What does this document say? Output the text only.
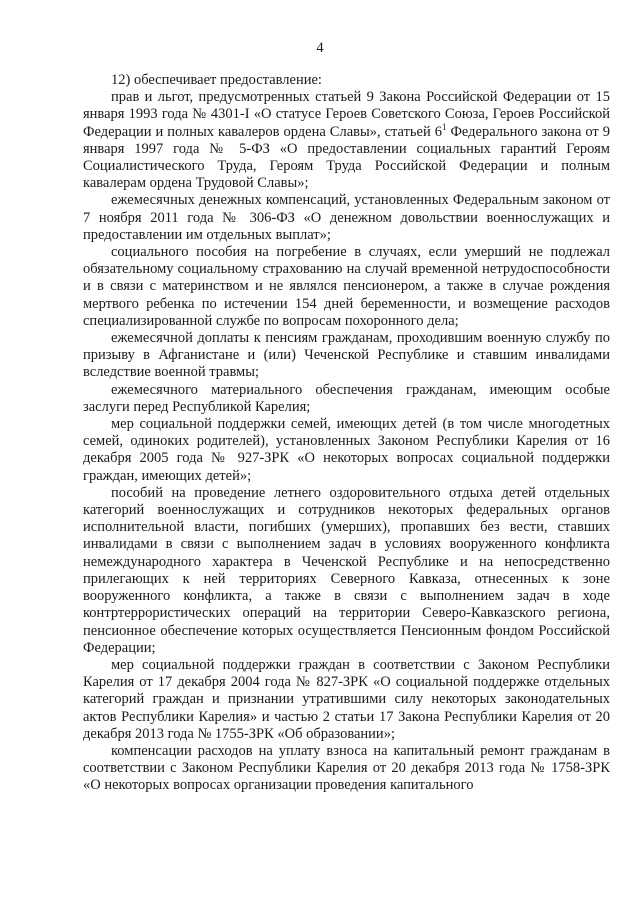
4

12) обеспечивает предоставление:

прав и льгот, предусмотренных статьей 9 Закона Российской Федерации от 15 января 1993 года № 4301-I «О статусе Героев Советского Союза, Героев Российской Федерации и полных кавалеров ордена Славы», статьей $6^1$ Федерального закона от 9 января 1997 года № 5-ФЗ «О предоставлении социальных гарантий Героям Социалистического Труда, Героям Труда Российской Федерации и полным кавалерам ордена Трудовой Славы»;

ежемесячных денежных компенсаций, установленных Федеральным законом от 7 ноября 2011 года № 306-ФЗ «О денежном довольствии военнослужащих и предоставлении им отдельных выплат»;

социального пособия на погребение в случаях, если умерший не подлежал обязательному социальному страхованию на случай временной нетрудоспособности и в связи с материнством и не являлся пенсионером, а также в случае рождения мертвого ребенка по истечении 154 дней беременности, и возмещение расходов специализированной службе по вопросам похоронного дела;

ежемесячной доплаты к пенсиям гражданам, проходившим военную службу по призыву в Афганистане и (или) Чеченской Республике и ставшим инвалидами вследствие военной травмы;

ежемесячного материального обеспечения гражданам, имеющим особые заслуги перед Республикой Карелия;

мер социальной поддержки семей, имеющих детей (в том числе многодетных семей, одиноких родителей), установленных Законом Республики Карелия от 16 декабря 2005 года № 927-ЗРК «О некоторых вопросах социальной поддержки граждан, имеющих детей»;

пособий на проведение летнего оздоровительного отдыха детей отдельных категорий военнослужащих и сотрудников некоторых федеральных органов исполнительной власти, погибших (умерших), пропавших без вести, ставших инвалидами в связи с выполнением задач в условиях вооруженного конфликта немеждународного характера в Чеченской Республике и на непосредственно прилегающих к ней территориях Северного Кавказа, отнесенных к зоне вооруженного конфликта, а также в связи с выполнением задач в ходе контртеррористических операций на территории Северо-Кавказского региона, пенсионное обеспечение которых осуществляется Пенсионным фондом Российской Федерации;

мер социальной поддержки граждан в соответствии с Законом Республики Карелия от 17 декабря 2004 года № 827-ЗРК «О социальной поддержке отдельных категорий граждан и признании утратившими силу некоторых законодательных актов Республики Карелия» и частью 2 статьи 17 Закона Республики Карелия от 20 декабря 2013 года № 1755-ЗРК «Об образовании»;

компенсации расходов на уплату взноса на капитальный ремонт гражданам в соответствии с Законом Республики Карелия от 20 декабря 2013 года № 1758-ЗРК «О некоторых вопросах организации проведения капитального
